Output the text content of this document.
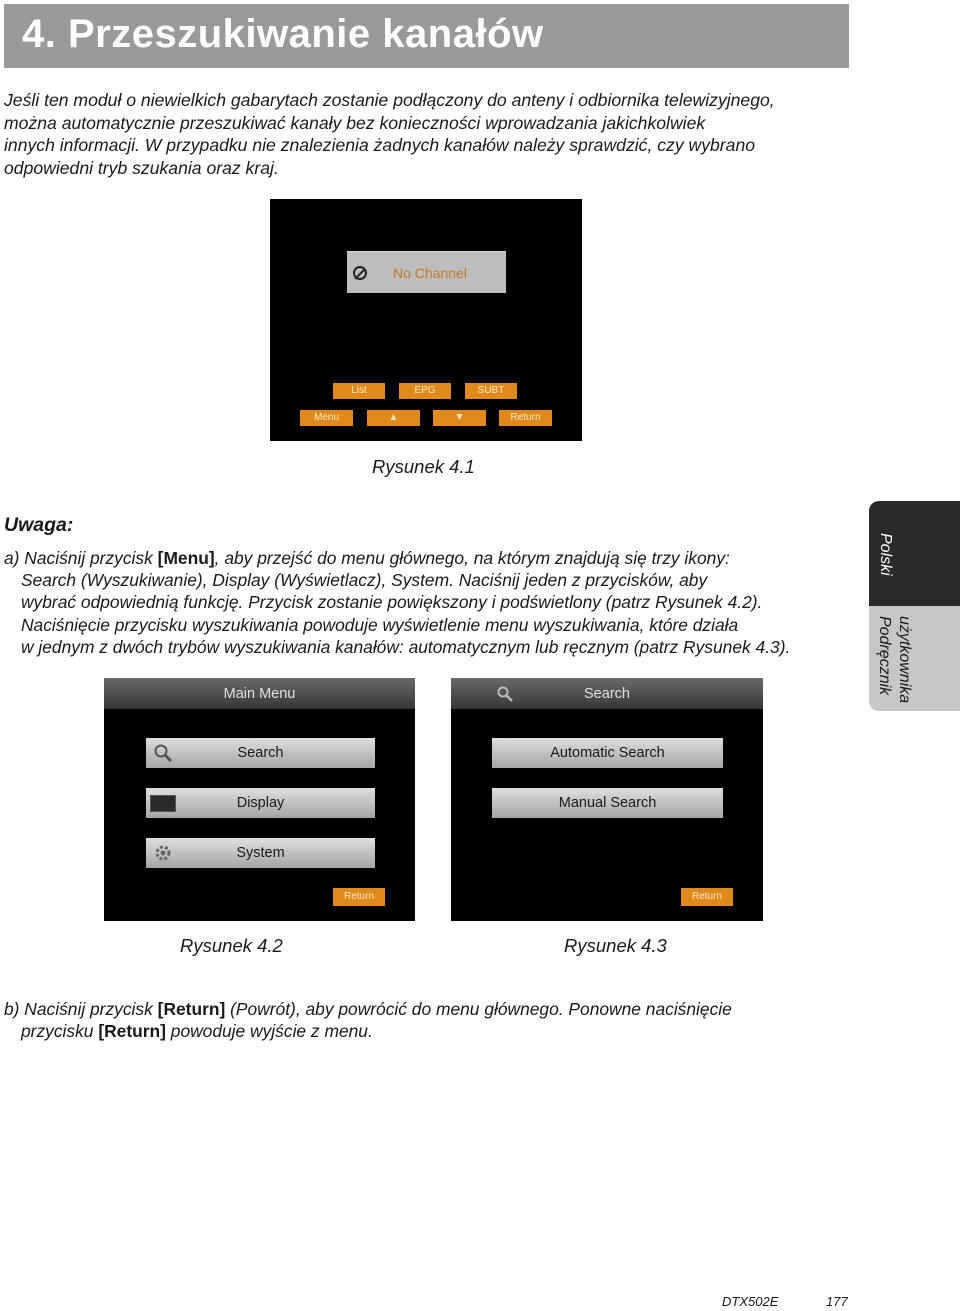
4. Przeszukiwanie kanałów
Jeśli ten moduł o niewielkich gabarytach zostanie podłączony do anteny i odbiornika telewizyjnego,
można automatycznie przeszukiwać kanały bez konieczności wprowadzania jakichkolwiek
innych informacji. W przypadku nie znalezienia żadnych kanałów należy sprawdzić, czy wybrano
odpowiedni tryb szukania oraz kraj.
No Channel
List	EPG	SUBT
Menu	▲	▼	Return
Rysunek 4.1
Uwaga:
a) Naciśnij przycisk [Menu], aby przejść do menu głównego, na którym znajdują się trzy ikony:
Search (Wyszukiwanie), Display (Wyświetlacz), System. Naciśnij jeden z przycisków, aby
wybrać odpowiednią funkcję. Przycisk zostanie powiększony i podświetlony (patrz Rysunek 4.2).
Naciśnięcie przycisku wyszukiwania powoduje wyświetlenie menu wyszukiwania, które działa
w jednym z dwóch trybów wyszukiwania kanałów: automatycznym lub ręcznym (patrz Rysunek 4.3).
Main Menu
Search
Display
System
Return
Search
Automatic Search
Manual Search
Return
Rysunek 4.2	Rysunek 4.3
b) Naciśnij przycisk [Return] (Powrót), aby powrócić do menu głównego. Ponowne naciśnięcie
przycisku [Return] powoduje wyjście z menu.
Polski
Podręcznik użytkownika
DTX502E	177
